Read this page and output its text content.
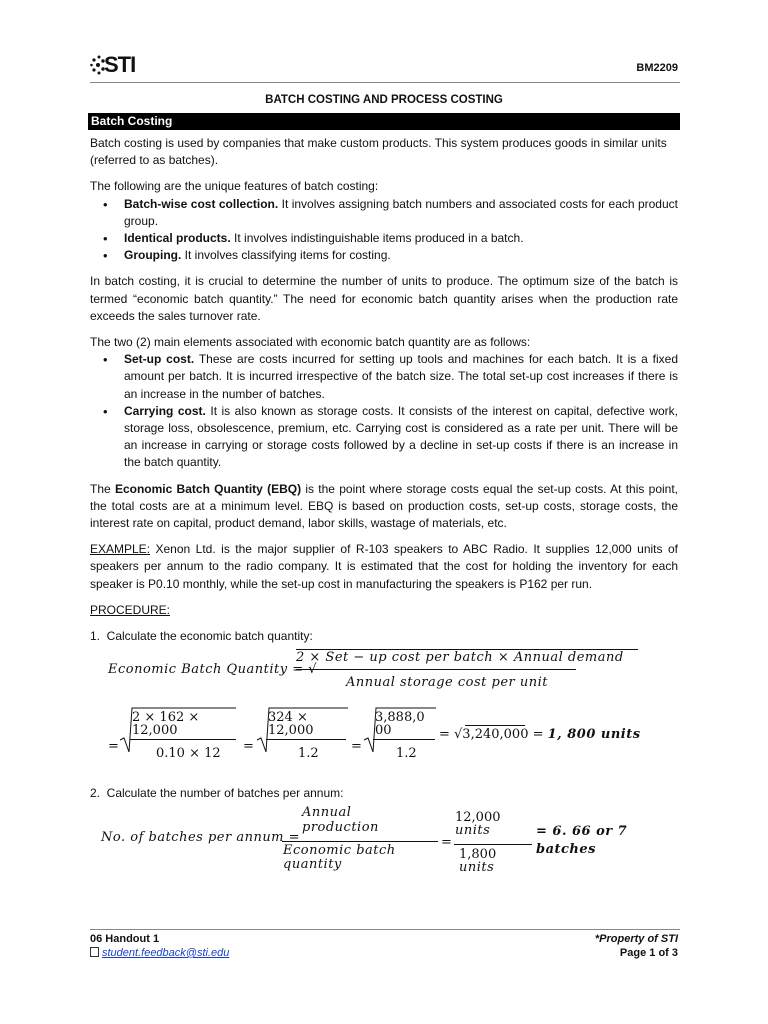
STI	BM2209
BATCH COSTING AND PROCESS COSTING
Batch Costing

Batch costing is used by companies that make custom products. This system produces goods in similar units (referred to as batches).

The following are the unique features of batch costing:

• Batch-wise cost collection. It involves assigning batch numbers and associated costs for each product group.
• Identical products. It involves indistinguishable items produced in a batch.
• Grouping. It involves classifying items for costing.

In batch costing, it is crucial to determine the number of units to produce. The optimum size of the batch is termed “economic batch quantity.” The need for economic batch quantity arises when the production rate exceeds the sales turnover rate.

The two (2) main elements associated with economic batch quantity are as follows:

• Set-up cost. These are costs incurred for setting up tools and machines for each batch. It is a fixed amount per batch. It is incurred irrespective of the batch size. The total set-up cost increases if there is an increase in the number of batches.
• Carrying cost. It is also known as storage costs. It consists of the interest on capital, defective work, storage loss, obsolescence, premium, etc. Carrying cost is considered as a rate per unit. There will be an increase in carrying or storage costs followed by a decline in set-up costs if there is an increase in the batch quantity.

The Economic Batch Quantity (EBQ) is the point where storage costs equal the set-up costs. At this point, the total costs are at a minimum level. EBQ is based on production costs, set-up costs, storage costs, the interest rate on capital, product demand, labor skills, wastage of materials, etc.

EXAMPLE: Xenon Ltd. is the major supplier of R-103 speakers to ABC Radio. It supplies 12,000 units of speakers per annum to the radio company. It is estimated that the cost for holding the inventory for each speaker is P0.10 monthly, while the set-up cost in manufacturing the speakers is P162 per run.

PROCEDURE:

1.  Calculate the economic batch quantity:

2 × Set − up cost per batch × Annual demand
Economic Batch Quantity = √
Annual storage cost per unit
=
2 × 162 ×
12,000
0.10 × 12 =
324 ×
12,000
1.2 =
3,888,0
00
1.2
= √3,240,000 = 1, 800 units
2.  Calculate the number of batches per annum:
No. of batches per annum =
Annual
production
Economic batch
quantity
=
12,000
units
1,800
units
= 6. 66 or 7
batches
06 Handout 1
student.feedback@sti.edu
*Property of STI
Page 1 of 3
